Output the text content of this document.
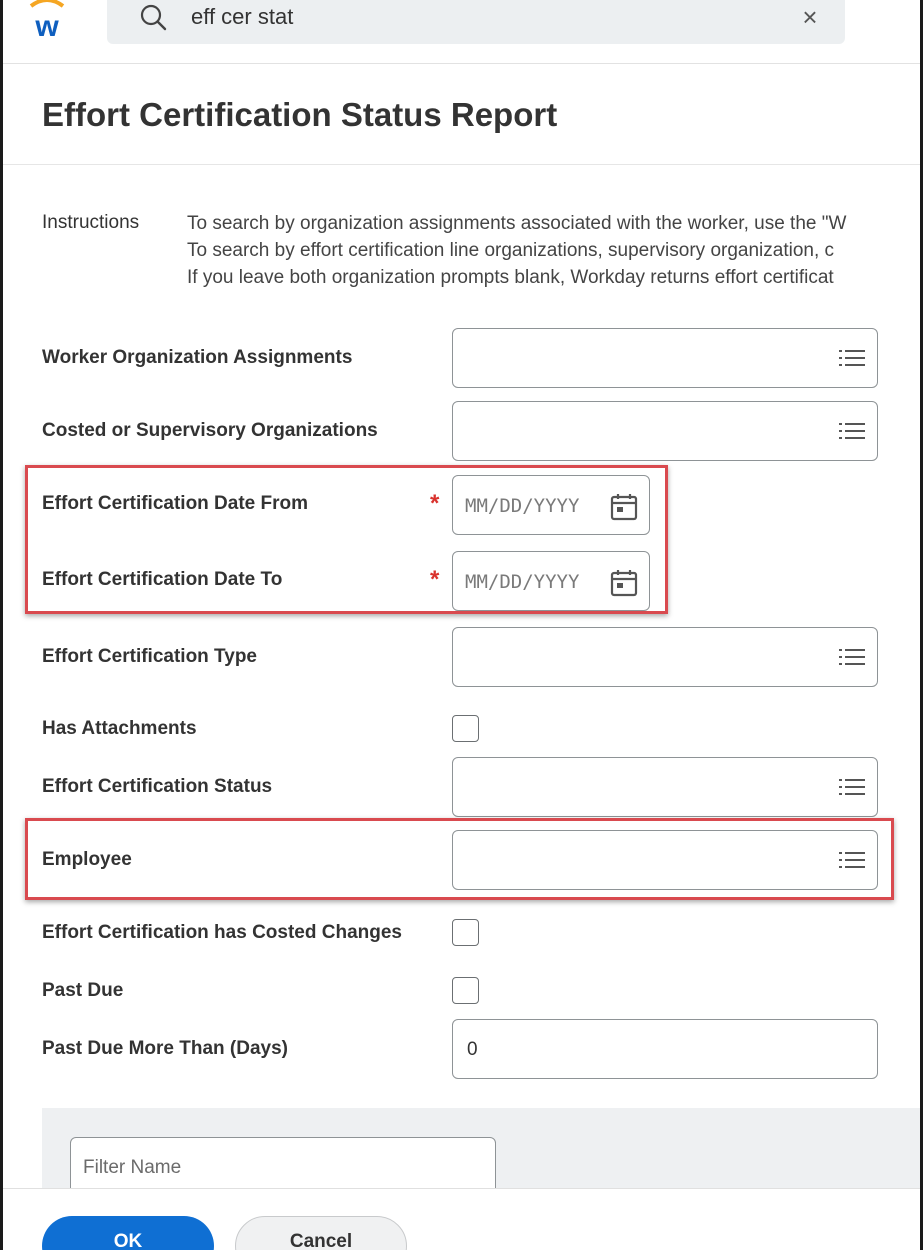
w	eff cer stat	×
Effort Certification Status Report
Instructions	To search by organization assignments associated with the worker, use the "W
To search by effort certification line organizations, supervisory organization, c
If you leave both organization prompts blank, Workday returns effort certificat
Worker Organization Assignments
Costed or Supervisory Organizations
Effort Certification Date From	* MM/DD/YYYY
Effort Certification Date To	* MM/DD/YYYY
Effort Certification Type
Has Attachments
Effort Certification Status
Employee
Effort Certification has Costed Changes
Past Due
Past Due More Than (Days)	0
Filter Name
OK	Cancel
